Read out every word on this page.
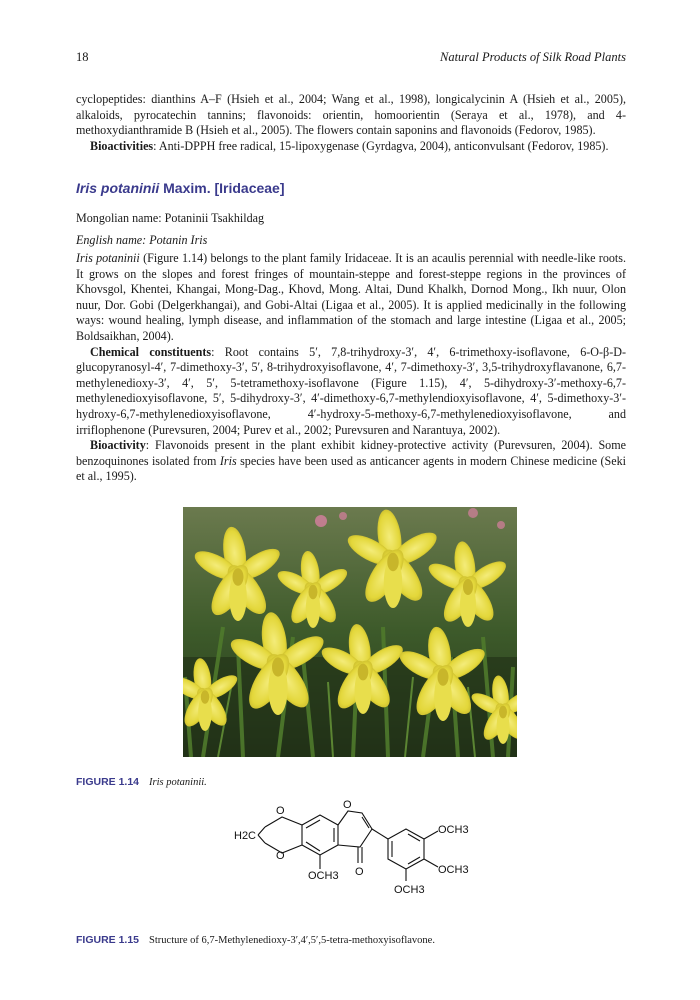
18	Natural Products of Silk Road Plants

cyclopeptides: dianthins A–F (Hsieh et al., 2004; Wang et al., 1998), longicalycinin A (Hsieh et al., 2005), alkaloids, pyrocatechin tannins; flavonoids: orientin, homoorientin (Seraya et al., 1978), and 4-methoxydianthramide B (Hsieh et al., 2005). The flowers contain saponins and flavonoids (Fedorov, 1985).

Bioactivities: Anti-DPPH free radical, 15-lipoxygenase (Gyrdagva, 2004), anticonvulsant (Fedorov, 1985).

Iris potaninii Maxim. [Iridaceae]
Mongolian name: Potaninii Tsakhildag
English name: Potanin Iris

Iris potaninii (Figure 1.14) belongs to the plant family Iridaceae. It is an acaulis perennial with needle-like roots. It grows on the slopes and forest fringes of mountain-steppe and forest-steppe regions in the provinces of Khovsgol, Khentei, Khangai, Mong-Dag., Khovd, Mong. Altai, Dund Khalkh, Dornod Mong., Ikh nuur, Olon nuur, Dor. Gobi (Delgerkhangai), and Gobi-Altai (Ligaa et al., 2005). It is applied medicinally in the following ways: wound healing, lymph disease, and inflammation of the stomach and large intestine (Ligaa et al., 2005; Boldsaikhan, 2004).

Chemical constituents: Root contains 5′, 7,8-trihydroxy-3′, 4′, 6-trimethoxy-isoflavone, 6-O-β-D-glucopyranosyl-4′, 7-dimethoxy-3′, 5′, 8-trihydroxyisoflavone, 4′, 7-dimethoxy-3′, 3,5-trihydroxyflavanone, 6,7-methylenedioxy-3′, 4′, 5′, 5-tetramethoxy-isoflavone (Figure 1.15), 4′, 5-dihydroxy-3′-methoxy-6,7-methylenedioxyisoflavone, 5′, 5-dihydroxy-3′, 4′-dimethoxy-6,7-methylendioxyisoflavone, 4′, 5-dimethoxy-3′-hydroxy-6,7-methylenedioxyisoflavone, 4′-hydroxy-5-methoxy-6,7-methylenedioxyisoflavone, and irriflophenone (Purevsuren, 2004; Purev et al., 2002; Purevsuren and Narantuya, 2002).

Bioactivity: Flavonoids present in the plant exhibit kidney-protective activity (Purevsuren, 2004). Some benzoquinones isolated from Iris species have been used as anticancer agents in modern Chinese medicine (Seki et al., 1995).

FIGURE 1.14 Iris potaninii.
O
O
O
O
H2C
OCH3
OCH3
OCH3
OCH3
FIGURE 1.15 Structure of 6,7-Methylenedioxy-3′,4′,5′,5-tetra-methoxyisoflavone.
